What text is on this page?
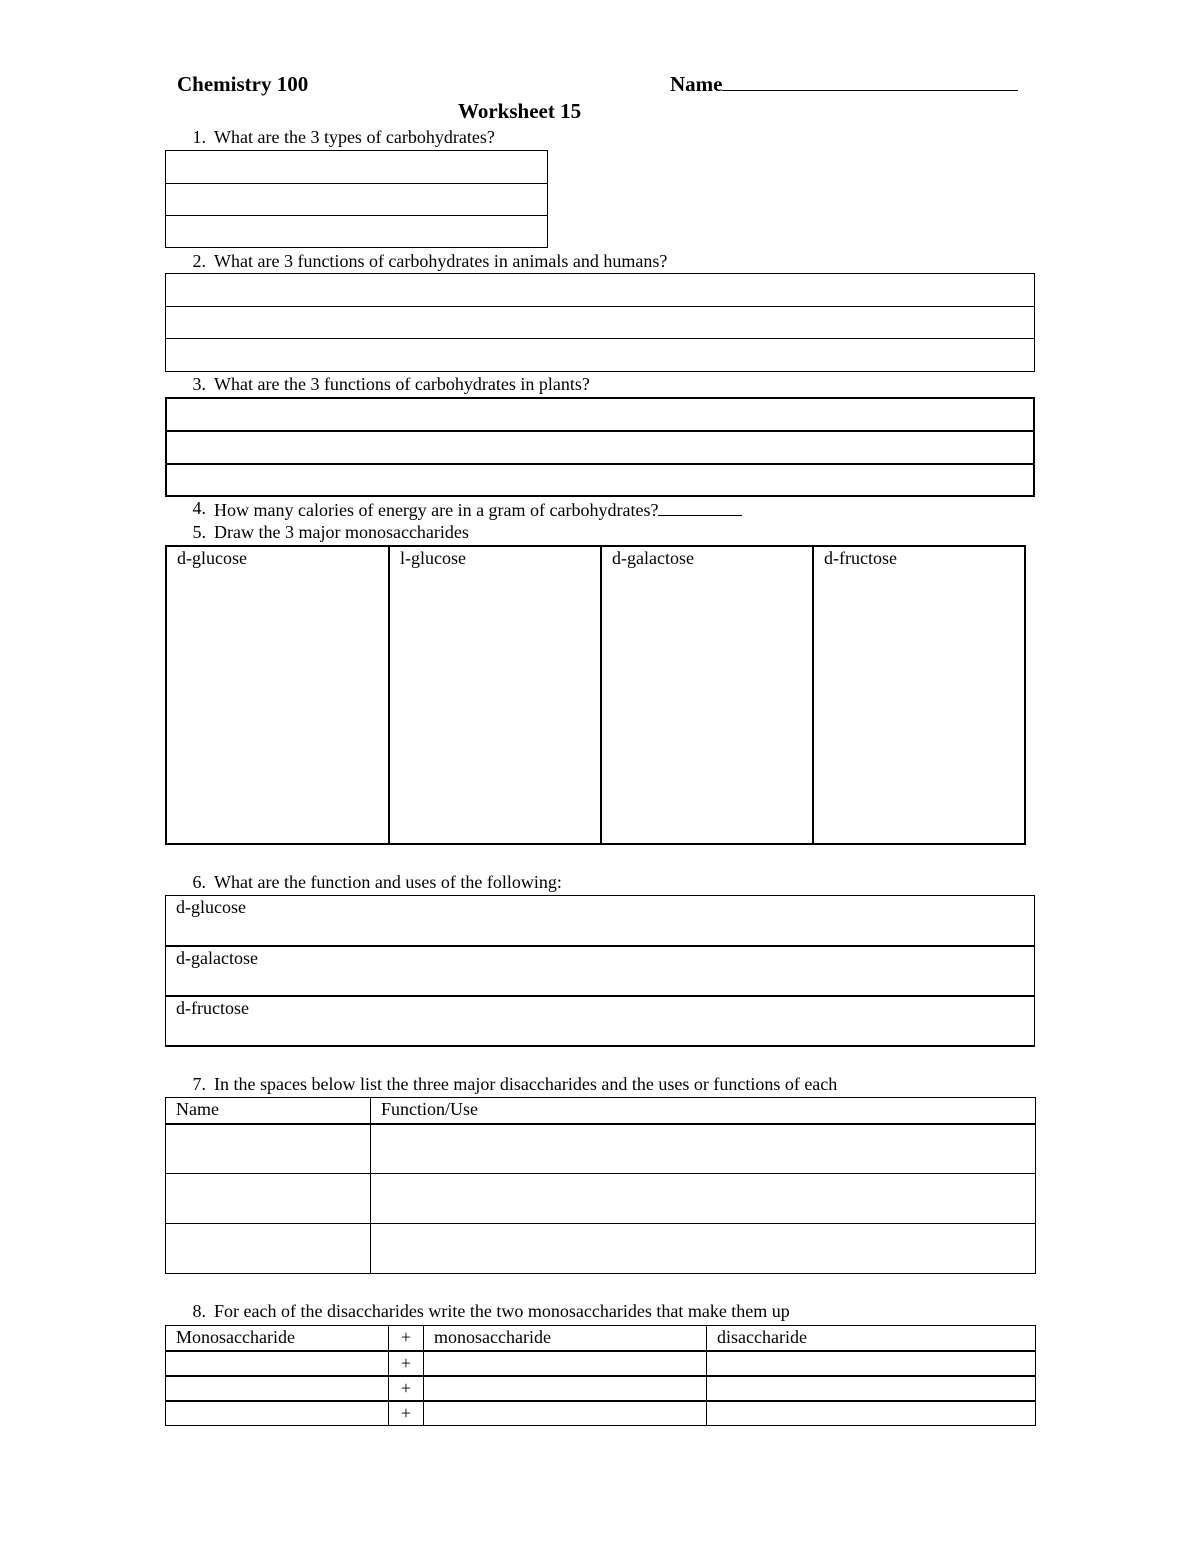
Chemistry 100	Name
Worksheet 15
1. What are the 3 types of carbohydrates?

2. What are 3 functions of carbohydrates in animals and humans?

3. What are the 3 functions of carbohydrates in plants?

4. How many calories of energy are in a gram of carbohydrates?
5. Draw the 3 major monosaccharides
d-glucose	l-glucose	d-galactose	d-fructose
6. What are the function and uses of the following:
d-glucose
d-galactose
d-fructose
7. In the spaces below list the three major disaccharides and the uses or functions of each
Name	Function/Use

8. For each of the disaccharides write the two monosaccharides that make them up
Monosaccharide	+	monosaccharide	disaccharide
	+		
	+		
	+		
